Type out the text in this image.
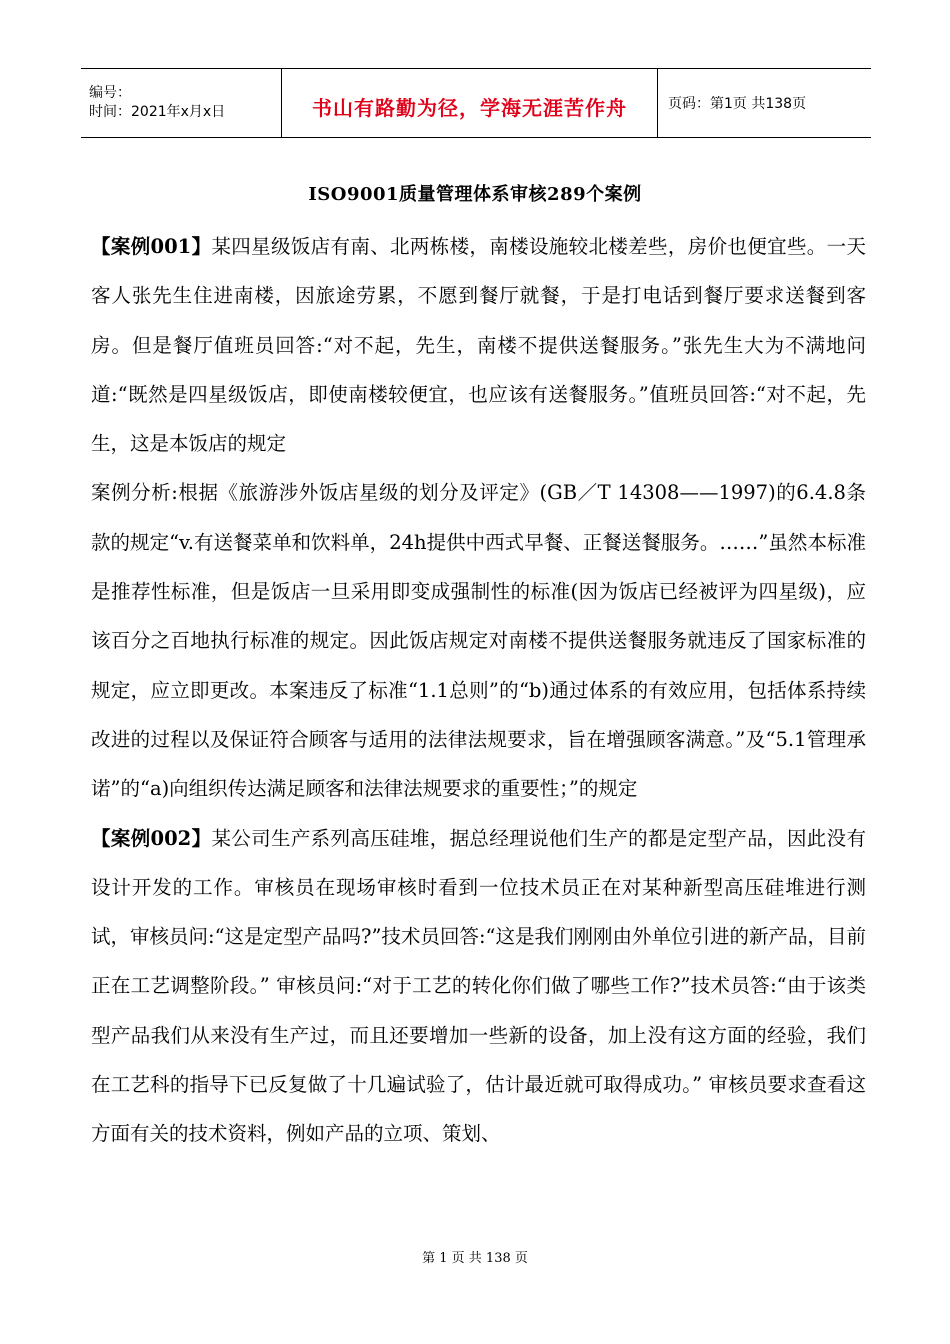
编号：
时间：2021年x月x日	书山有路勤为径，学海无涯苦作舟	页码：第1页 共138页
ISO9001质量管理体系审核289个案例

【案例001】某四星级饭店有南、北两栋楼，南楼设施较北楼差些，房价也便宜些。一天客人张先生住进南楼，因旅途劳累，不愿到餐厅就餐，于是打电话到餐厅要求送餐到客房。但是餐厅值班员回答:“对不起，先生，南楼不提供送餐服务。”张先生大为不满地问道:“既然是四星级饭店，即使南楼较便宜，也应该有送餐服务。”值班员回答:“对不起，先生，这是本饭店的规定

案例分析:根据《旅游涉外饭店星级的划分及评定》(GB／T 14308——1997)的6.4.8条款的规定“v.有送餐菜单和饮料单，24h提供中西式早餐、正餐送餐服务。……”虽然本标准是推荐性标准，但是饭店一旦采用即变成强制性的标准(因为饭店已经被评为四星级)，应该百分之百地执行标准的规定。因此饭店规定对南楼不提供送餐服务就违反了国家标准的规定，应立即更改。本案违反了标准“1.1总则”的“b)通过体系的有效应用，包括体系持续改进的过程以及保证符合顾客与适用的法律法规要求，旨在增强顾客满意。”及“5.1管理承诺”的“a)向组织传达满足顾客和法律法规要求的重要性；”的规定

【案例002】某公司生产系列高压硅堆，据总经理说他们生产的都是定型产品，因此没有设计开发的工作。审核员在现场审核时看到一位技术员正在对某种新型高压硅堆进行测试，审核员问:“这是定型产品吗?”技术员回答:“这是我们刚刚由外单位引进的新产品，目前正在工艺调整阶段。” 审核员问:“对于工艺的转化你们做了哪些工作?”技术员答:“由于该类型产品我们从来没有生产过，而且还要增加一些新的设备，加上没有这方面的经验，我们在工艺科的指导下已反复做了十几遍试验了，估计最近就可取得成功。” 审核员要求查看这方面有关的技术资料，例如产品的立项、策划、

第 1 页 共 138 页
